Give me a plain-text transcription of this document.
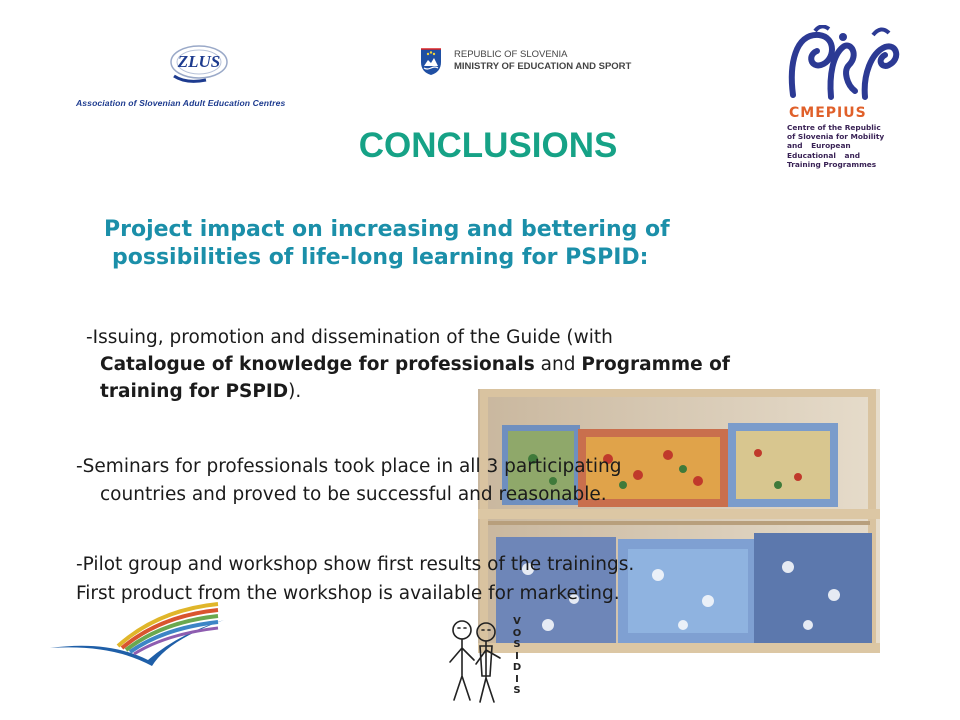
ZLUS
Association of Slovenian Adult Education Centres
REPUBLIC OF SLOVENIA
MINISTRY OF EDUCATION AND SPORT
CMEPIUS
Centre of the Republic
of Slovenia for Mobility
and European
Educational and
Training Programmes
CONCLUSIONS
Project impact on increasing and bettering of
possibilities of life-long learning for PSPID:
-Issuing, promotion and dissemination of the Guide (with
Catalogue of knowledge for professionals and Programme of
training for PSPID).
-Seminars for professionals took place in all 3 participating
countries and proved to be successful and reasonable.
-Pilot group and workshop show first results of the trainings.
First product from the workshop is available for marketing.
V
O
S
I
D
I
S
